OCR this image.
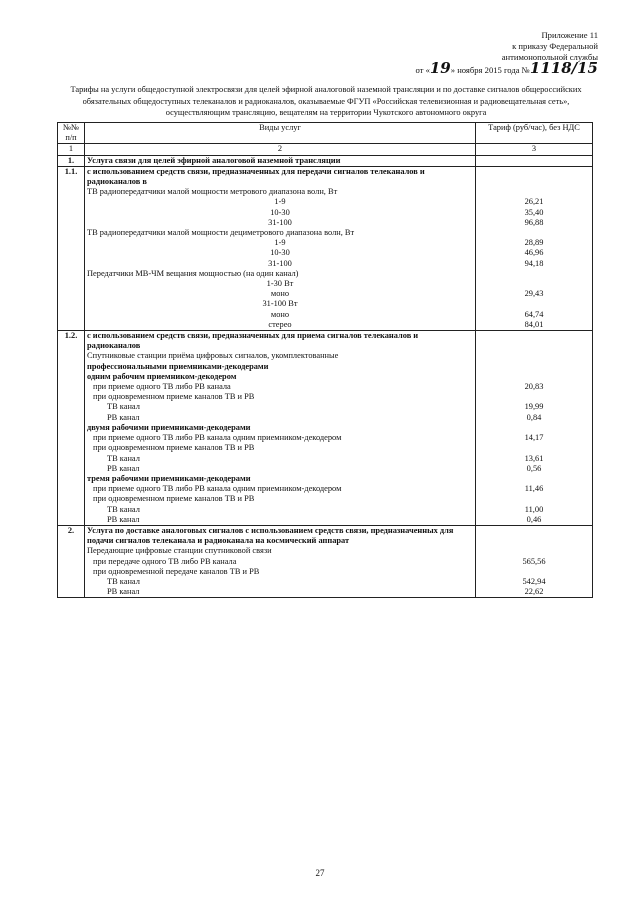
Приложение 11
к приказу Федеральной
антимонопольной службы
от «19» ноября 2015 года №1118/15
Тарифы на услуги общедоступной электросвязи для целей эфирной аналоговой наземной трансляции и по доставке сигналов общероссийских обязательных общедоступных телеканалов и радиоканалов, оказываемые ФГУП «Российская телевизионная и радиовещательная сеть», осуществляющим трансляцию, вещателям на территории Чукотского автономного округа
№№ п/п	Виды услуг	Тариф (руб/час), без НДС
1	2	3
1.	Услуга связи для целей эфирной аналоговой наземной трансляции	
1.1.	с использованием средств связи, предназначенных для передачи сигналов телеканалов и радиоканалов в	
	ТВ радиопередатчики малой мощности метрового диапазона волн, Вт	
	1-9	26,21
	10-30	35,40
	31-100	96,88
	ТВ радиопередатчики малой мощности дециметрового диапазона волн, Вт	
	1-9	28,89
	10-30	46,96
	31-100	94,18
	Передатчики МВ-ЧМ вещания мощностью (на один канал)	
	1-30 Вт	
	моно	29,43
	31-100 Вт	
	моно	64,74
	стерео	84,01
1.2.	с использованием средств связи, предназначенных для приема сигналов телеканалов и радиоканалов	
	Спутниковые станции приёма цифровых сигналов, укомплектованные	
	профессиональными приемниками-декодерами	
	одним рабочим приемником-декодером	
	при приеме одного ТВ либо РВ канала	20,83
	при одновременном приеме каналов ТВ и РВ	
	ТВ канал	19,99
	РВ канал	0,84
	двумя рабочими приемниками-декодерами	
	при приеме одного ТВ либо РВ канала одним приемником-декодером	14,17
	при одновременном приеме каналов ТВ и РВ	
	ТВ канал	13,61
	РВ канал	0,56
	тремя рабочими приемниками-декодерами	
	при приеме одного ТВ либо РВ канала одним приемником-декодером	11,46
	при одновременном приеме каналов ТВ и РВ	
	ТВ канал	11,00
	РВ канал	0,46
2.	Услуга по доставке аналоговых сигналов с использованием средств связи, предназначенных для подачи сигналов телеканала и радиоканала на космический аппарат	
	Передающие цифровые станции спутниковой связи	
	при передаче одного ТВ либо РВ канала	565,56
	при одновременной передаче каналов ТВ и РВ	
	ТВ канал	542,94
	РВ канал	22,62
27
